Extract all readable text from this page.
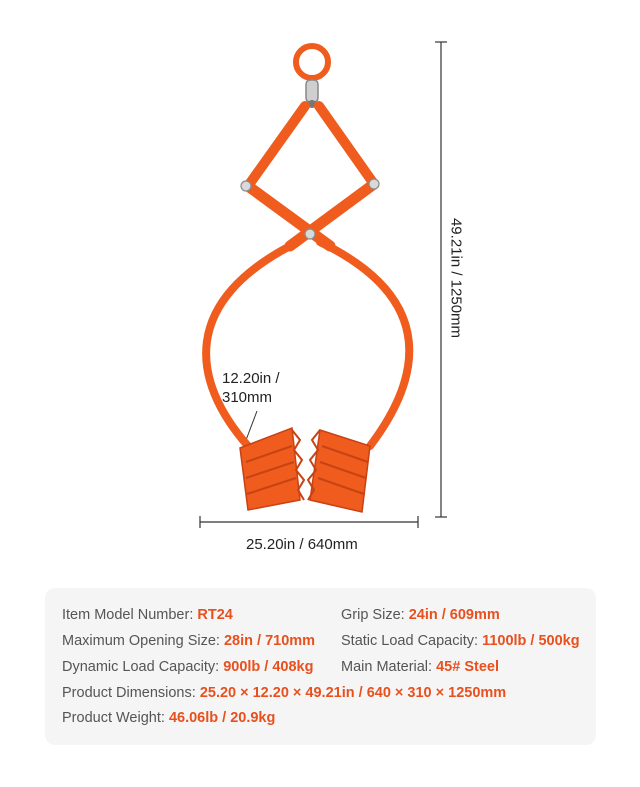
49.21in / 1250mm
25.20in / 640mm
12.20in /
310mm
Item Model Number: RT24	Grip Size: 24in / 609mm
Maximum Opening Size: 28in / 710mm Static Load Capacity: 1100lb / 500kg
Dynamic Load Capacity: 900lb / 408kg Main Material: 45# Steel
Product Dimensions: 25.20 × 12.20 × 49.21in / 640 × 310 × 1250mm
Product Weight: 46.06lb / 20.9kg
